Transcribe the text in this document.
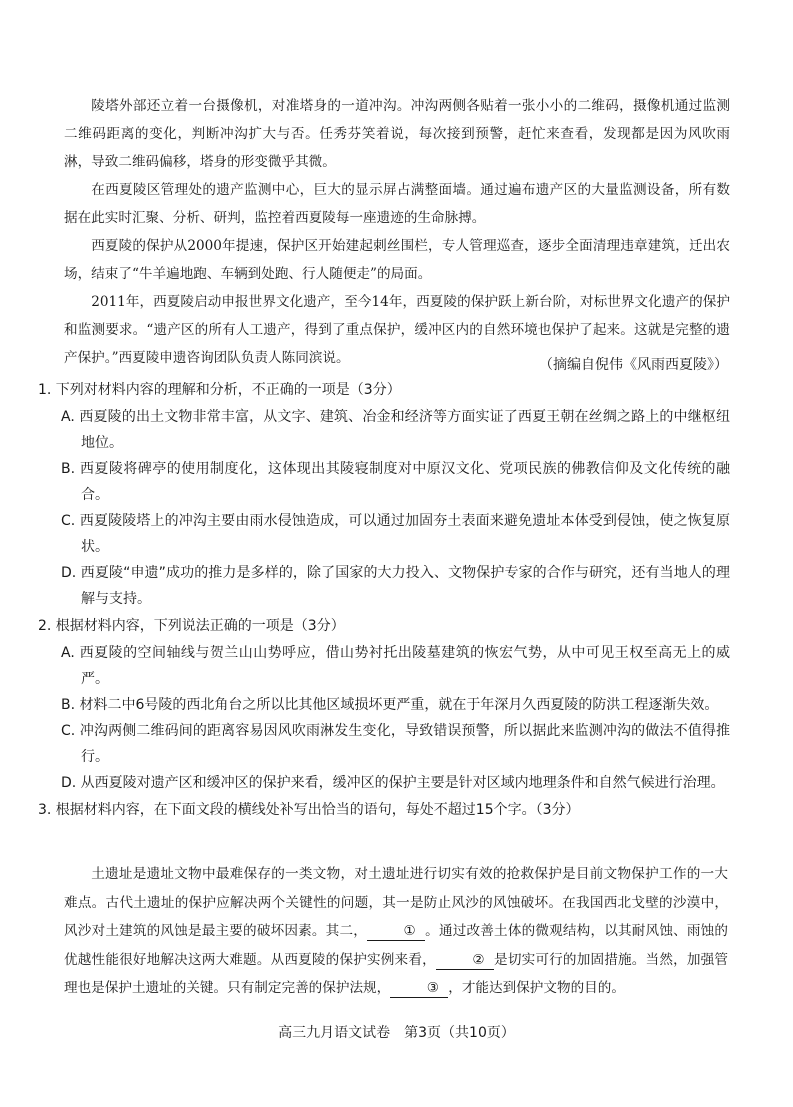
陵塔外部还立着一台摄像机，对准塔身的一道冲沟。冲沟两侧各贴着一张小小的二维码，摄像机通过监测二维码距离的变化，判断冲沟扩大与否。任秀芬笑着说，每次接到预警，赶忙来查看，发现都是因为风吹雨淋，导致二维码偏移，塔身的形变微乎其微。

在西夏陵区管理处的遗产监测中心，巨大的显示屏占满整面墙。通过遍布遗产区的大量监测设备，所有数据在此实时汇聚、分析、研判，监控着西夏陵每一座遗迹的生命脉搏。

西夏陵的保护从2000年提速，保护区开始建起刺丝围栏，专人管理巡查，逐步全面清理违章建筑，迁出农场，结束了“牛羊遍地跑、车辆到处跑、行人随便走”的局面。

2011年，西夏陵启动申报世界文化遗产，至今14年，西夏陵的保护跃上新台阶，对标世界文化遗产的保护和监测要求。“遗产区的所有人工遗产，得到了重点保护，缓冲区内的自然环境也保护了起来。这就是完整的遗产保护。”西夏陵申遗咨询团队负责人陈同滨说。	（摘编自倪伟《风雨西夏陵》）

1. 下列对材料内容的理解和分析，不正确的一项是（3分）

A. 西夏陵的出土文物非常丰富，从文字、建筑、冶金和经济等方面实证了西夏王朝在丝绸之路上的中继枢纽地位。

B. 西夏陵将碑亭的使用制度化，这体现出其陵寝制度对中原汉文化、党项民族的佛教信仰及文化传统的融合。

C. 西夏陵陵塔上的冲沟主要由雨水侵蚀造成，可以通过加固夯土表面来避免遗址本体受到侵蚀，使之恢复原状。

D. 西夏陵“申遗”成功的推力是多样的，除了国家的大力投入、文物保护专家的合作与研究，还有当地人的理解与支持。

2. 根据材料内容，下列说法正确的一项是（3分）

A. 西夏陵的空间轴线与贺兰山山势呼应，借山势衬托出陵墓建筑的恢宏气势，从中可见王权至高无上的威严。

B. 材料二中6号陵的西北角台之所以比其他区域损坏更严重，就在于年深月久西夏陵的防洪工程逐渐失效。

C. 冲沟两侧二维码间的距离容易因风吹雨淋发生变化，导致错误预警，所以据此来监测冲沟的做法不值得推行。

D. 从西夏陵对遗产区和缓冲区的保护来看，缓冲区的保护主要是针对区域内地理条件和自然气候进行治理。

3. 根据材料内容，在下面文段的横线处补写出恰当的语句，每处不超过15个字。（3分）

土遗址是遗址文物中最难保存的一类文物，对土遗址进行切实有效的抢救保护是目前文物保护工作的一大难点。古代土遗址的保护应解决两个关键性的问题，其一是防止风沙的风蚀破坏。在我国西北戈壁的沙漠中，风沙对土建筑的风蚀是最主要的破坏因素。其二，	① 。通过改善土体的微观结构，以其耐风蚀、雨蚀的优越性能很好地解决这两大难题。从西夏陵的保护实例来看，	② 是切实可行的加固措施。当然，加强管理也是保护土遗址的关键。只有制定完善的保护法规，	③ ，才能达到保护文物的目的。

高三九月语文试卷　第3页（共10页）
